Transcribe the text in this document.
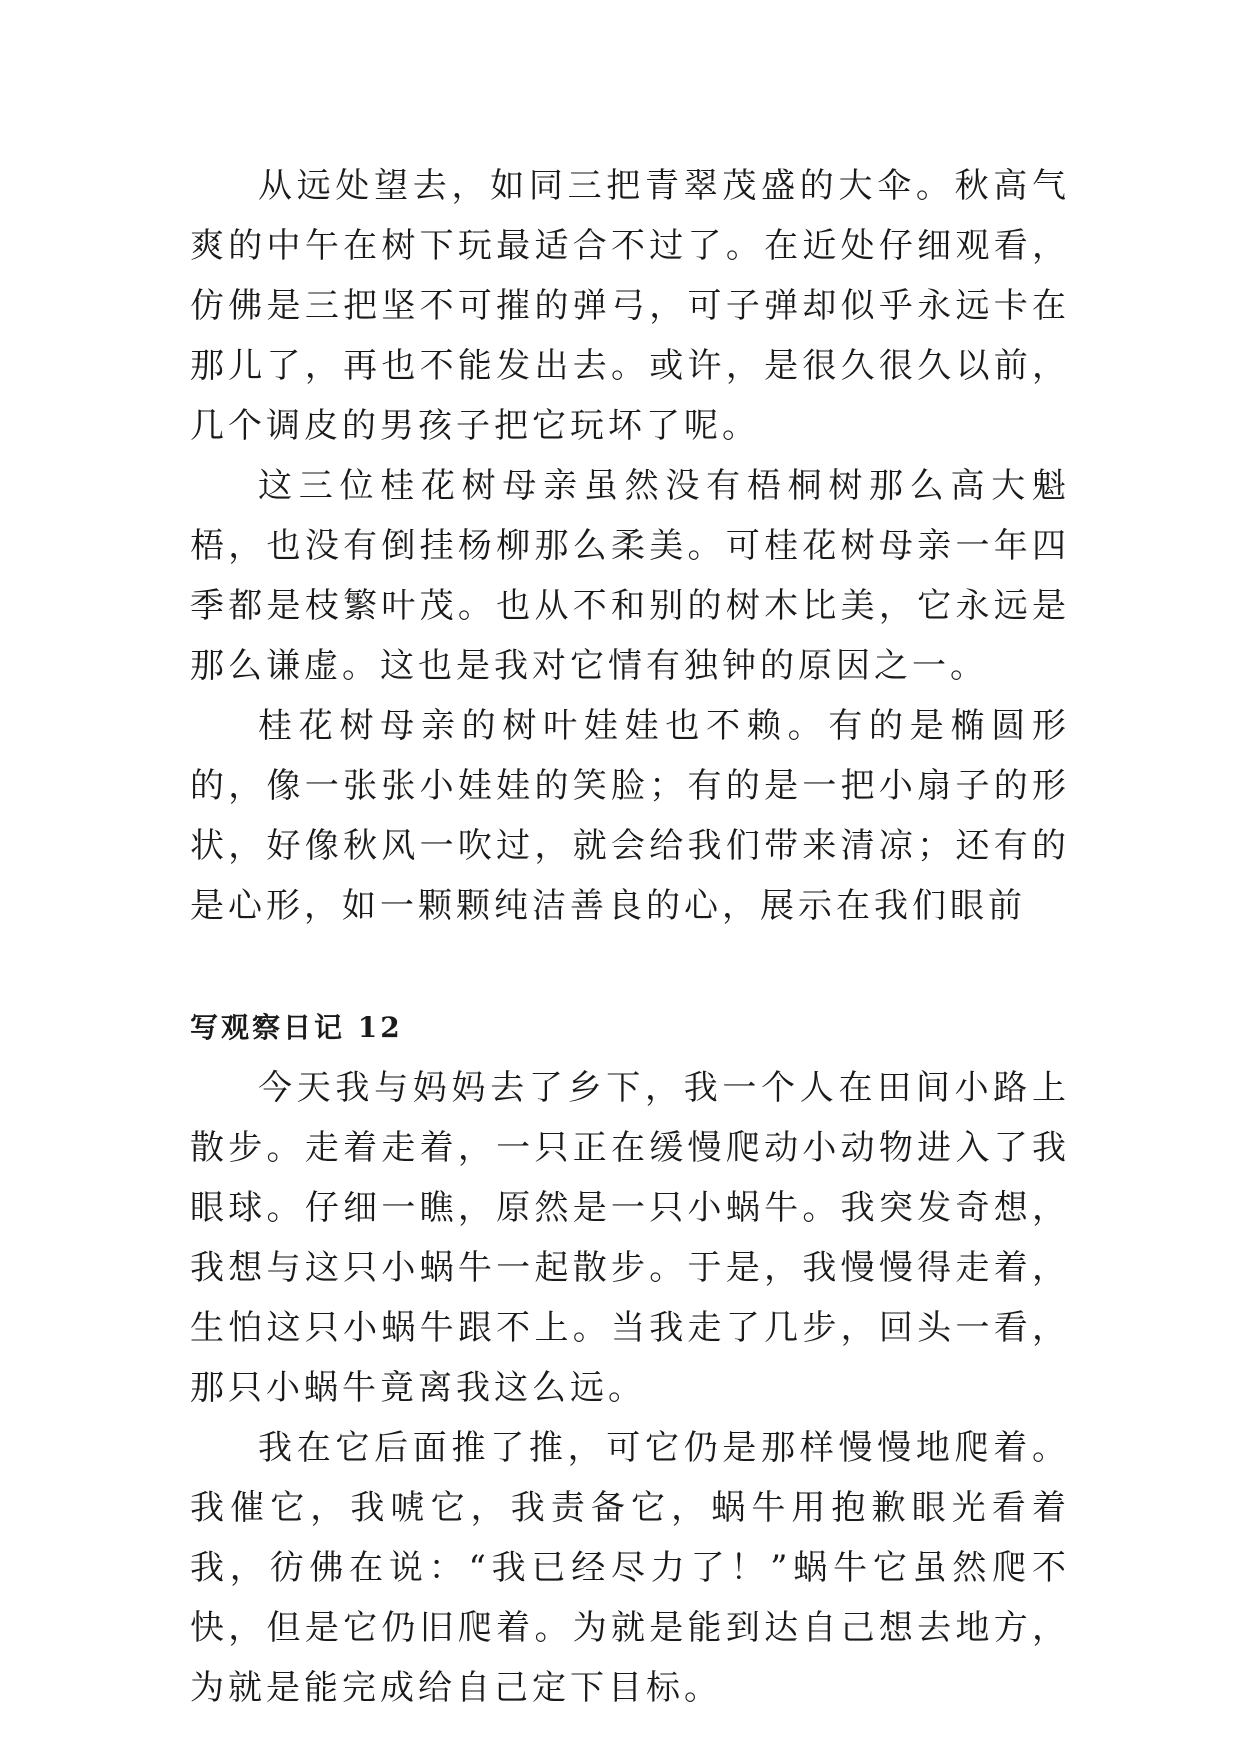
从远处望去，如同三把青翠茂盛的大伞。秋高气爽的中午在树下玩最适合不过了。在近处仔细观看，仿佛是三把坚不可摧的弹弓，可子弹却似乎永远卡在那儿了，再也不能发出去。或许，是很久很久以前，几个调皮的男孩子把它玩坏了呢。

这三位桂花树母亲虽然没有梧桐树那么高大魁梧，也没有倒挂杨柳那么柔美。可桂花树母亲一年四季都是枝繁叶茂。也从不和别的树木比美，它永远是那么谦虚。这也是我对它情有独钟的原因之一。

桂花树母亲的树叶娃娃也不赖。有的是椭圆形的，像一张张小娃娃的笑脸；有的是一把小扇子的形状，好像秋风一吹过，就会给我们带来清凉；还有的是心形，如一颗颗纯洁善良的心，展示在我们眼前

写观察日记 12

今天我与妈妈去了乡下，我一个人在田间小路上散步。走着走着，一只正在缓慢爬动小动物进入了我眼球。仔细一瞧，原然是一只小蜗牛。我突发奇想，我想与这只小蜗牛一起散步。于是，我慢慢得走着，生怕这只小蜗牛跟不上。当我走了几步，回头一看，那只小蜗牛竟离我这么远。

我在它后面推了推，可它仍是那样慢慢地爬着。我催它，我唬它，我责备它，蜗牛用抱歉眼光看着我，彷佛在说：“我已经尽力了！”蜗牛它虽然爬不快，但是它仍旧爬着。为就是能到达自己想去地方，为就是能完成给自己定下目标。
